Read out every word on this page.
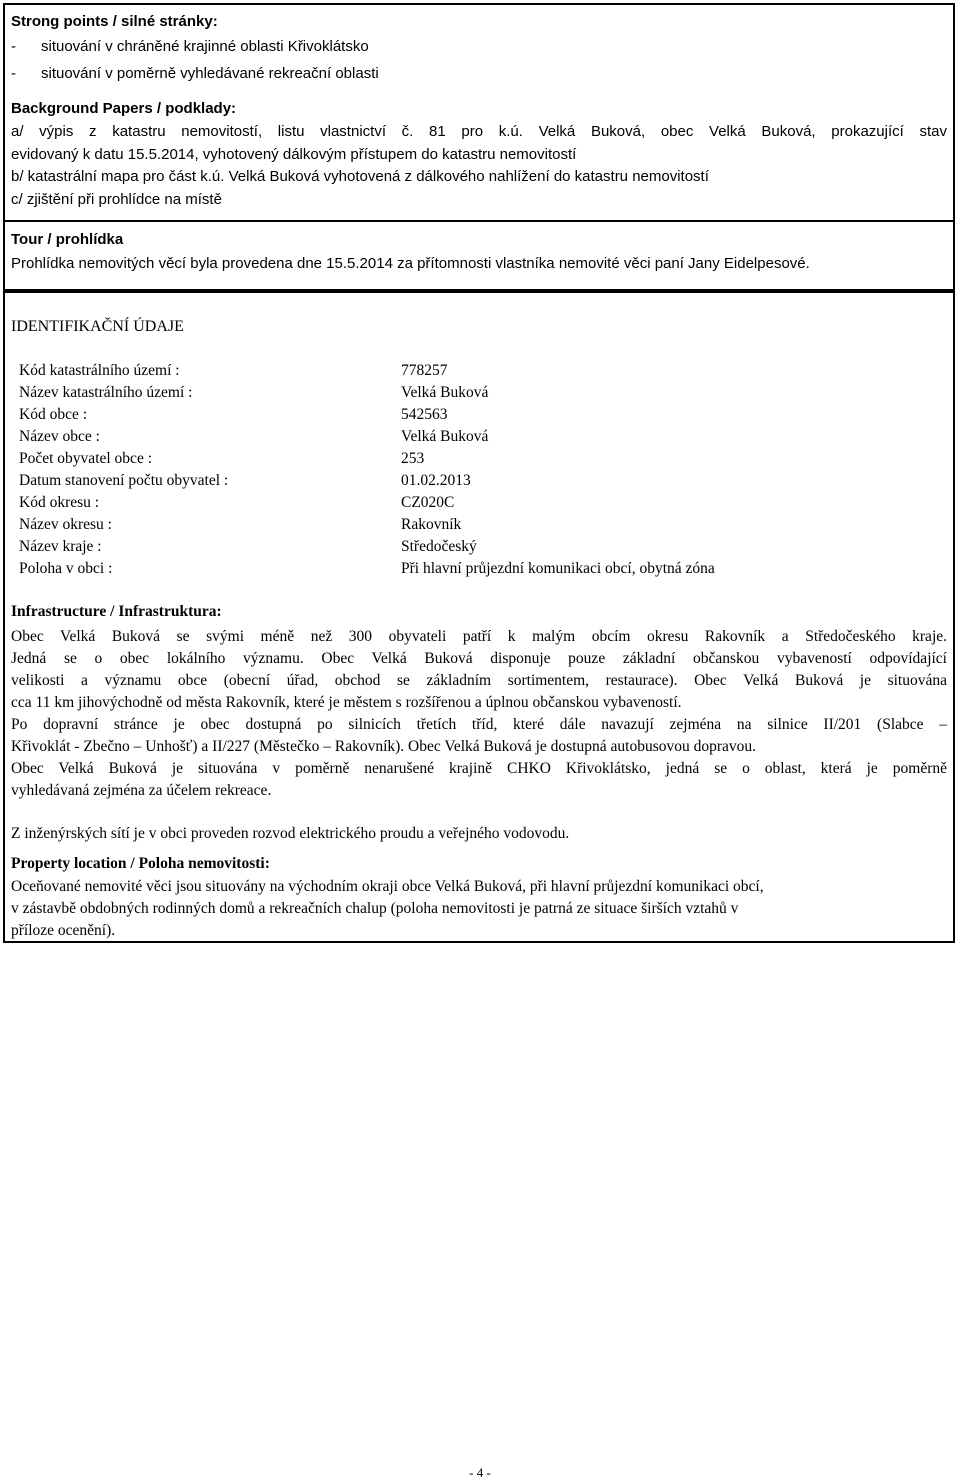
Strong points / silné stránky:
- situování v chráněné krajinné oblasti Křivoklátsko
- situování v poměrně vyhledávané rekreační oblasti
Background Papers / podklady:
a/ výpis z katastru nemovitostí, listu vlastnictví č. 81 pro k.ú. Velká Buková, obec Velká Buková, prokazující stav
evidovaný k datu 15.5.2014, vyhotovený dálkovým přístupem do katastru nemovitostí
b/ katastrální mapa pro část k.ú. Velká Buková vyhotovená z dálkového nahlížení do katastru nemovitostí
c/ zjištění při prohlídce na místě
Tour / prohlídka
Prohlídka nemovitých věcí byla provedena dne 15.5.2014 za přítomnosti vlastníka nemovité věci paní Jany Eidelpesové.
IDENTIFIKAČNÍ ÚDAJE
Kód katastrálního území :	778257
Název katastrálního území :	Velká Buková
Kód obce :	542563
Název obce :	Velká Buková
Počet obyvatel obce :	253
Datum stanovení počtu obyvatel :	01.02.2013
Kód okresu :	CZ020C
Název okresu :	Rakovník
Název kraje :	Středočeský
Poloha v obci :	Při hlavní průjezdní komunikaci obcí, obytná zóna
Infrastructure / Infrastruktura:
Obec Velká Buková se svými méně než 300 obyvateli patří k malým obcím okresu Rakovník a Středočeského kraje.
Jedná se o obec lokálního významu. Obec Velká Buková disponuje pouze základní občanskou vybaveností odpovídající
velikosti a významu obce (obecní úřad, obchod se základním sortimentem, restaurace). Obec Velká Buková je situována
cca 11 km jihovýchodně od města Rakovník, které je městem s rozšířenou a úplnou občanskou vybaveností.
Po dopravní stránce je obec dostupná po silnicích třetích tříd, které dále navazují zejména na silnice II/201 (Slabce –
Křivoklát - Zbečno – Unhošť) a II/227 (Městečko – Rakovník). Obec Velká Buková je dostupná autobusovou dopravou.
Obec Velká Buková je situována v poměrně nenarušené krajině CHKO Křivoklátsko, jedná se o oblast, která je poměrně
vyhledávaná zejména za účelem rekreace.
Z inženýrských sítí je v obci proveden rozvod elektrického proudu a veřejného vodovodu.
Property location / Poloha nemovitosti:
Oceňované nemovité věci jsou situovány na východním okraji obce Velká Buková, při hlavní průjezdní komunikaci obcí,
v zástavbě obdobných rodinných domů a rekreačních chalup (poloha nemovitosti je patrná ze situace širších vztahů v
příloze ocenění).
- 4 -
